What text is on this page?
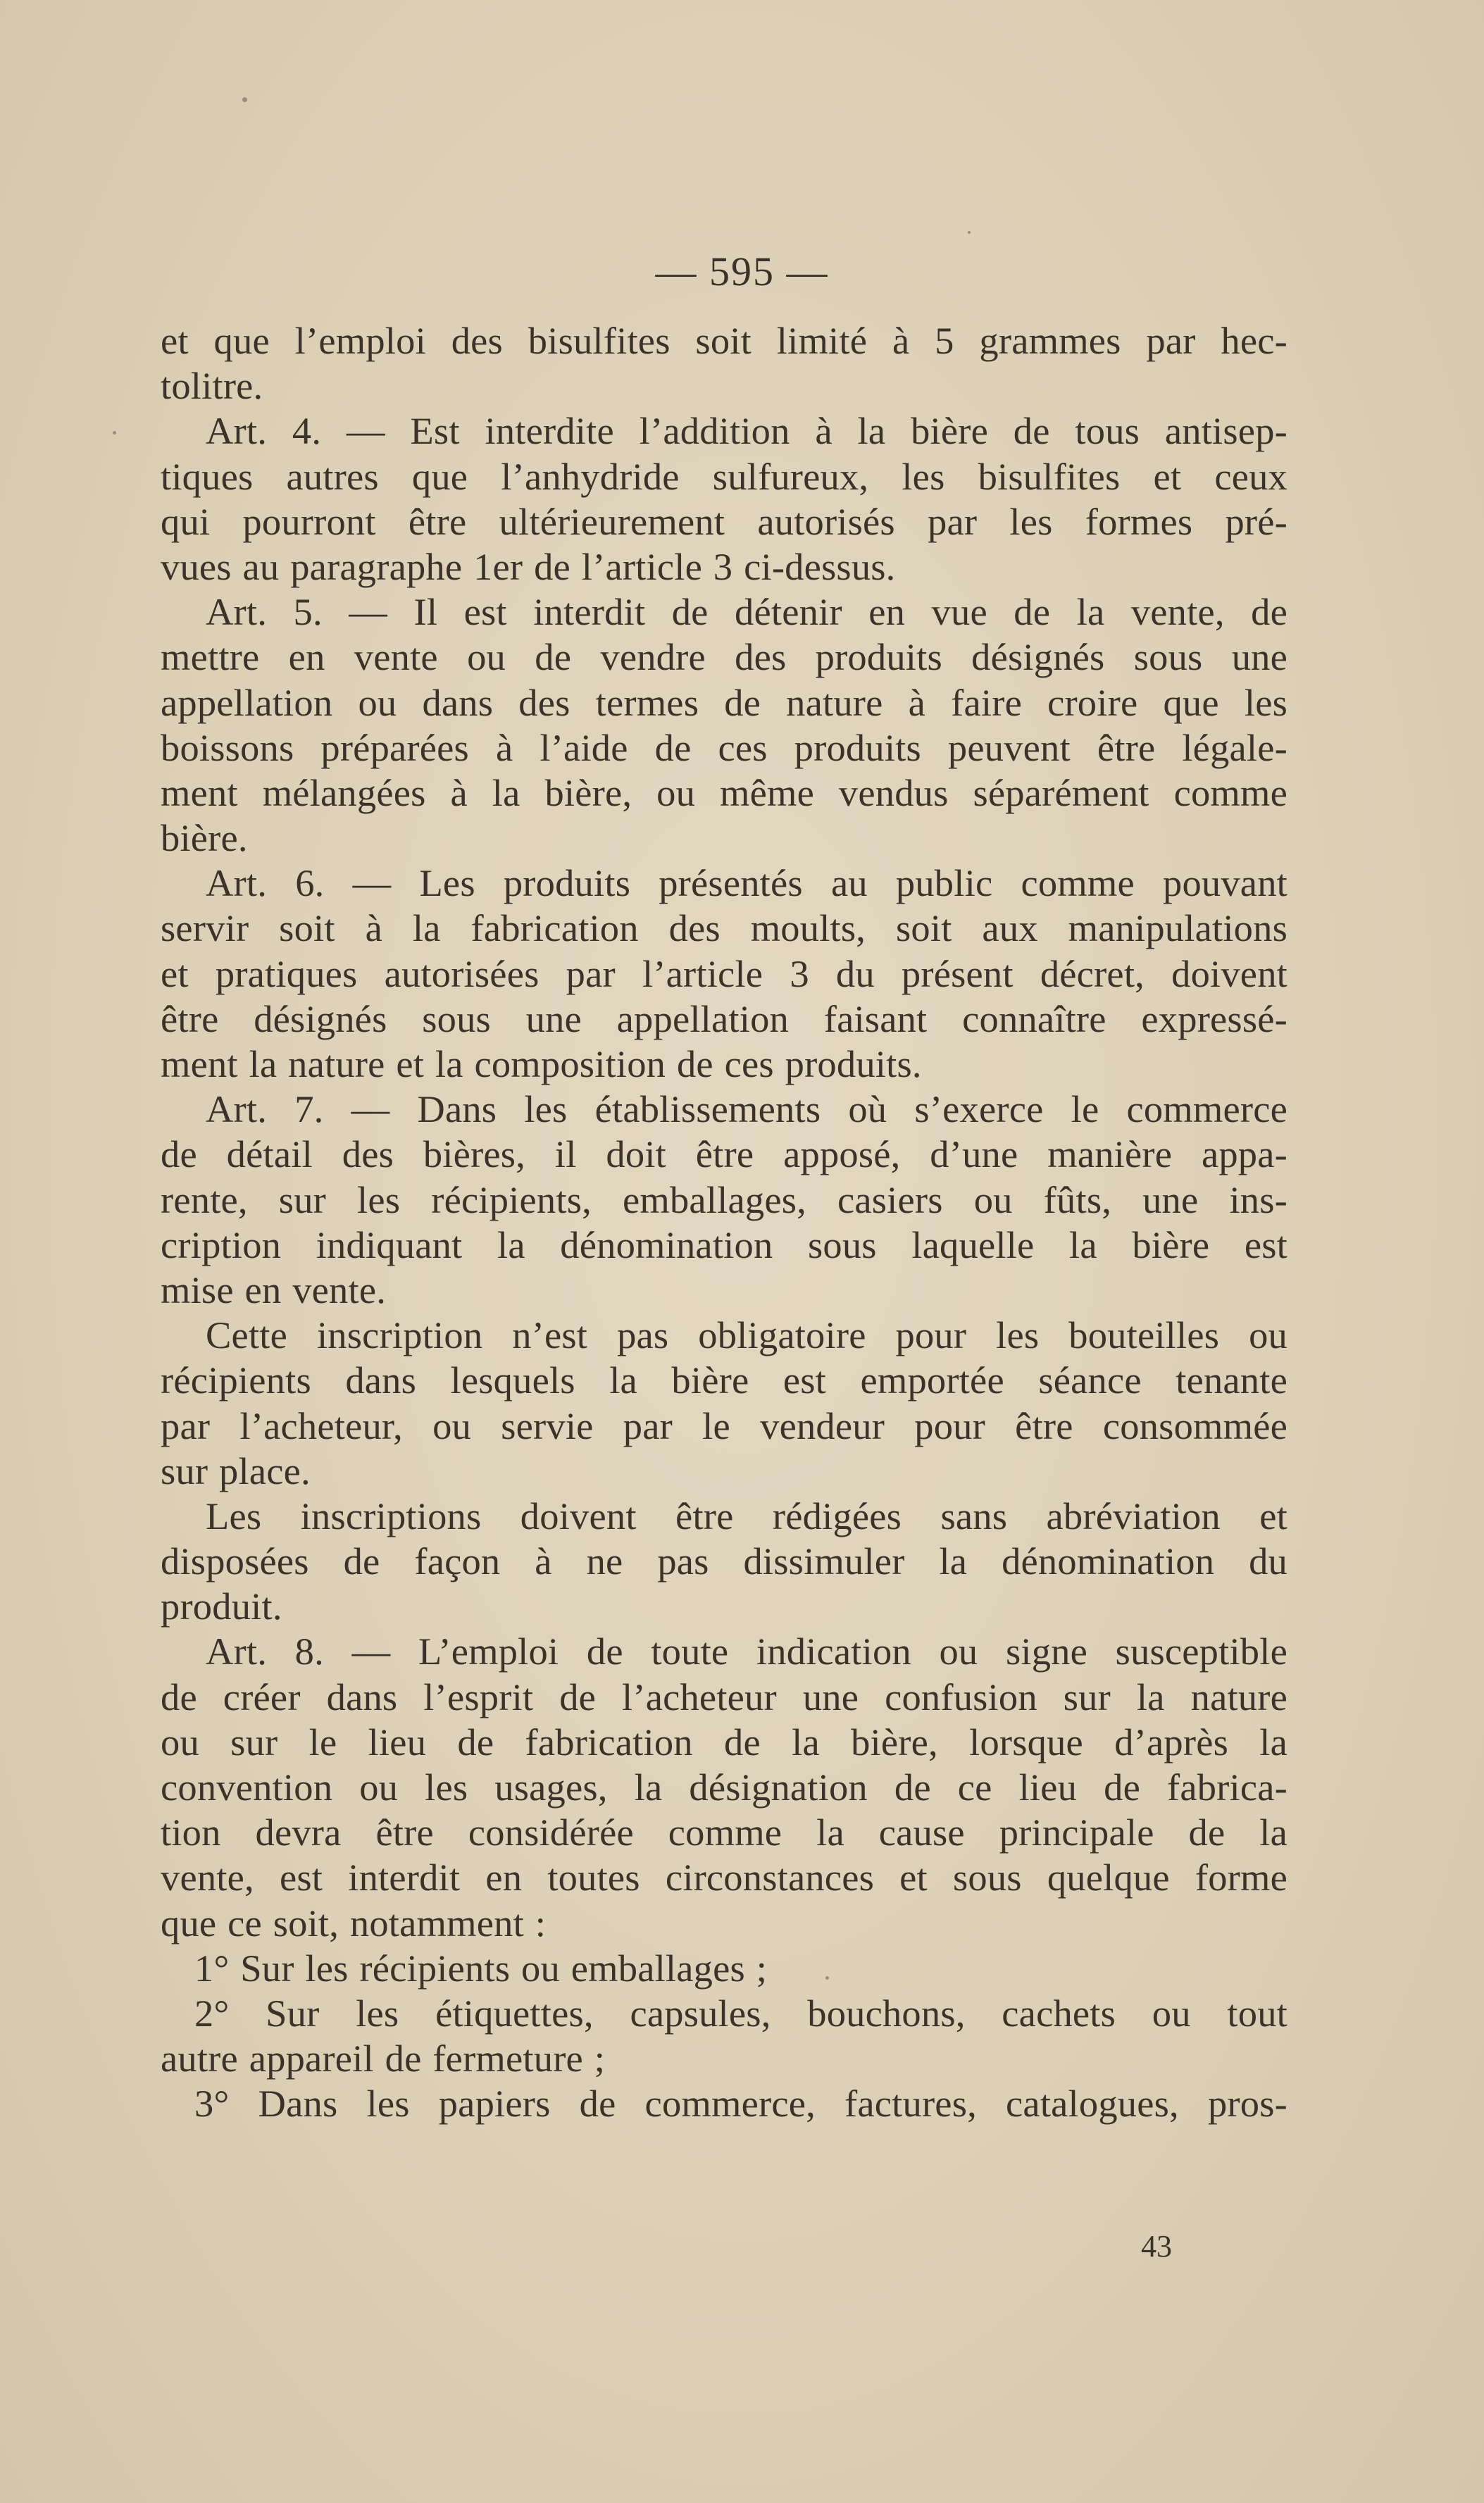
— 595 —
et que l’emploi des bisulfites soit limité à 5 grammes par hec-
tolitre.
Art. 4. — Est interdite l’addition à la bière de tous antisep-
tiques autres que l’anhydride sulfureux, les bisulfites et ceux
qui pourront être ultérieurement autorisés par les formes pré-
vues au paragraphe 1er de l’article 3 ci-dessus.
Art. 5. — Il est interdit de détenir en vue de la vente, de
mettre en vente ou de vendre des produits désignés sous une
appellation ou dans des termes de nature à faire croire que les
boissons préparées à l’aide de ces produits peuvent être légale-
ment mélangées à la bière, ou même vendus séparément comme
bière.
Art. 6. — Les produits présentés au public comme pouvant
servir soit à la fabrication des moults, soit aux manipulations
et pratiques autorisées par l’article 3 du présent décret, doivent
être désignés sous une appellation faisant connaître expressé-
ment la nature et la composition de ces produits.
Art. 7. — Dans les établissements où s’exerce le commerce
de détail des bières, il doit être apposé, d’une manière appa-
rente, sur les récipients, emballages, casiers ou fûts, une ins-
cription indiquant la dénomination sous laquelle la bière est
mise en vente.
Cette inscription n’est pas obligatoire pour les bouteilles ou
récipients dans lesquels la bière est emportée séance tenante
par l’acheteur, ou servie par le vendeur pour être consommée
sur place.
Les inscriptions doivent être rédigées sans abréviation et
disposées de façon à ne pas dissimuler la dénomination du
produit.
Art. 8. — L’emploi de toute indication ou signe susceptible
de créer dans l’esprit de l’acheteur une confusion sur la nature
ou sur le lieu de fabrication de la bière, lorsque d’après la
convention ou les usages, la désignation de ce lieu de fabrica-
tion devra être considérée comme la cause principale de la
vente, est interdit en toutes circonstances et sous quelque forme
que ce soit, notamment :
1° Sur les récipients ou emballages ;
2° Sur les étiquettes, capsules, bouchons, cachets ou tout
autre appareil de fermeture ;
3° Dans les papiers de commerce, factures, catalogues, pros-
43
